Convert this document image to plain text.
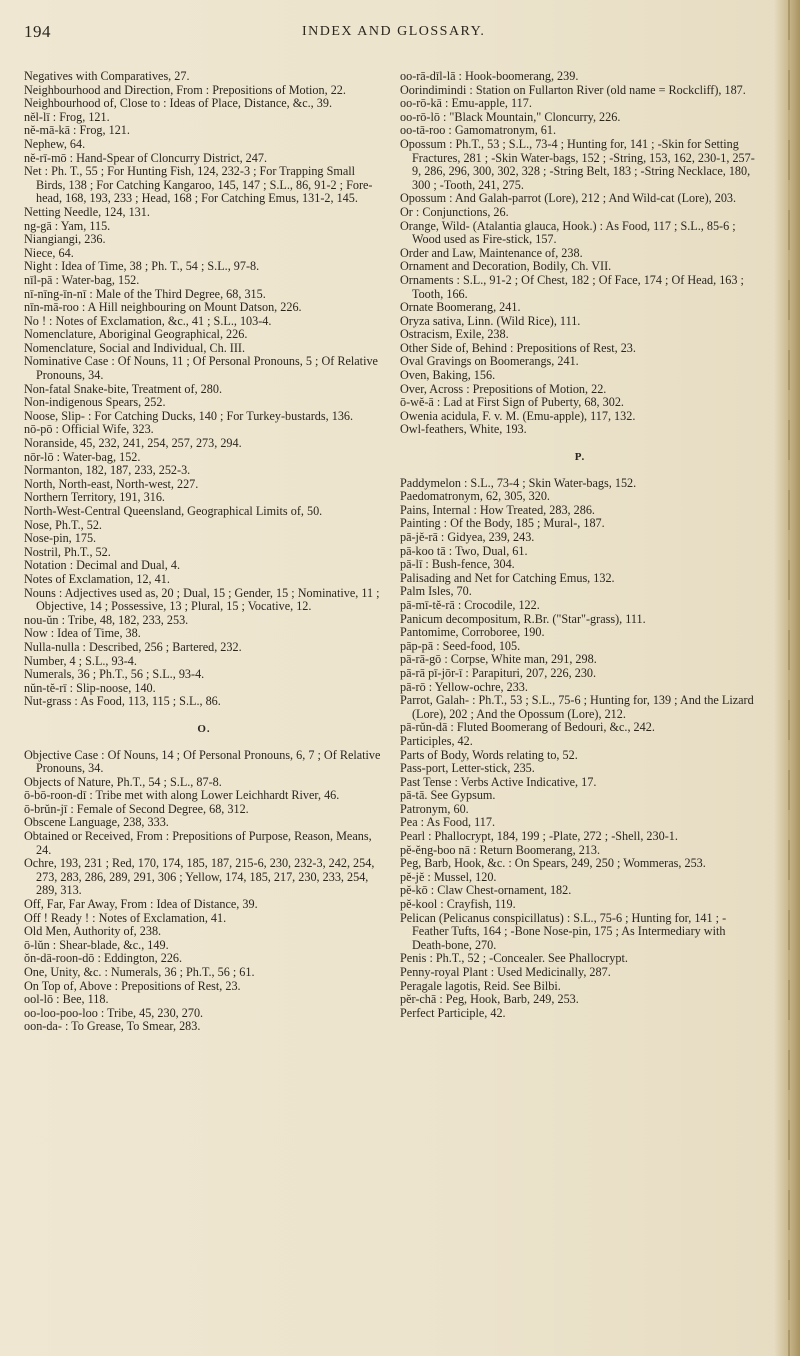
194	INDEX AND GLOSSARY.

Negatives with Comparatives, 27.

Neighbourhood and Direction, From : Prepositions of Motion, 22.

Neighbourhood of, Close to : Ideas of Place, Distance, &c., 39.

nĕl-lī : Frog, 121.

nĕ-mā-kā : Frog, 121.

Nephew, 64.

nĕ-rī-mō : Hand-Spear of Cloncurry District, 247.

Net : Ph. T., 55 ; For Hunting Fish, 124, 232-3 ; For Trapping Small Birds, 138 ; For Catching Kangaroo, 145, 147 ; S.L., 86, 91-2 ; Fore-head, 168, 193, 233 ; Head, 168 ; For Catching Emus, 131-2, 145.

Netting Needle, 124, 131.

ng-gā : Yam, 115.

Niangiangi, 236.

Niece, 64.

Night : Idea of Time, 38 ; Ph. T., 54 ; S.L., 97-8.

nīl-pā : Water-bag, 152.

nī-nīng-īn-nī : Male of the Third Degree, 68, 315.

nīn-mā-roo : A Hill neighbouring on Mount Datson, 226.

No ! : Notes of Exclamation, &c., 41 ; S.L., 103-4.

Nomenclature, Aboriginal Geographical, 226.

Nomenclature, Social and Individual, Ch. III.

Nominative Case : Of Nouns, 11 ; Of Personal Pronouns, 5 ; Of Relative Pronouns, 34.

Non-fatal Snake-bite, Treatment of, 280.

Non-indigenous Spears, 252.

Noose, Slip- : For Catching Ducks, 140 ; For Turkey-bustards, 136.

nō-pō : Official Wife, 323.

Noranside, 45, 232, 241, 254, 257, 273, 294.

nōr-lō : Water-bag, 152.

Normanton, 182, 187, 233, 252-3.

North, North-east, North-west, 227.

Northern Territory, 191, 316.

North-West-Central Queensland, Geographical Limits of, 50.

Nose, Ph.T., 52.

Nose-pin, 175.

Nostril, Ph.T., 52.

Notation : Decimal and Dual, 4.

Notes of Exclamation, 12, 41.

Nouns : Adjectives used as, 20 ; Dual, 15 ; Gender, 15 ; Nominative, 11 ; Objective, 14 ; Possessive, 13 ; Plural, 15 ; Vocative, 12.

nou-ŭn : Tribe, 48, 182, 233, 253.

Now : Idea of Time, 38.

Nulla-nulla : Described, 256 ; Bartered, 232.

Number, 4 ; S.L., 93-4.

Numerals, 36 ; Ph.T., 56 ; S.L., 93-4.

nŭn-tĕ-rī : Slip-noose, 140.

Nut-grass : As Food, 113, 115 ; S.L., 86.

O.

Objective Case : Of Nouns, 14 ; Of Personal Pronouns, 6, 7 ; Of Relative Pronouns, 34.

Objects of Nature, Ph.T., 54 ; S.L., 87-8.

ō-bō-roon-dī : Tribe met with along Lower Leichhardt River, 46.

ō-brŭn-jī : Female of Second Degree, 68, 312.

Obscene Language, 238, 333.

Obtained or Received, From : Prepositions of Purpose, Reason, Means, 24.

Ochre, 193, 231 ; Red, 170, 174, 185, 187, 215-6, 230, 232-3, 242, 254, 273, 283, 286, 289, 291, 306 ; Yellow, 174, 185, 217, 230, 233, 254, 289, 313.

Off, Far, Far Away, From : Idea of Distance, 39.

Off ! Ready ! : Notes of Exclamation, 41.

Old Men, Authority of, 238.

ō-lŭn : Shear-blade, &c., 149.

ŏn-dā-roon-dō : Eddington, 226.

One, Unity, &c. : Numerals, 36 ; Ph.T., 56 ; 61.

On Top of, Above : Prepositions of Rest, 23.

ool-lō : Bee, 118.

oo-loo-poo-loo : Tribe, 45, 230, 270.

oon-da- : To Grease, To Smear, 283.

oo-rā-dīl-lā : Hook-boomerang, 239.

Oorindimindi : Station on Fullarton River (old name = Rockcliff), 187.

oo-rō-kā : Emu-apple, 117.

oo-rō-lō : "Black Mountain," Cloncurry, 226.

oo-tā-roo : Gamomatronym, 61.

Opossum : Ph.T., 53 ; S.L., 73-4 ; Hunting for, 141 ; -Skin for Setting Fractures, 281 ; -Skin Water-bags, 152 ; -String, 153, 162, 230-1, 257-9, 286, 296, 300, 302, 328 ; -String Belt, 183 ; -String Necklace, 180, 300 ; -Tooth, 241, 275.

Opossum : And Galah-parrot (Lore), 212 ; And Wild-cat (Lore), 203.

Or : Conjunctions, 26.

Orange, Wild- (Atalantia glauca, Hook.) : As Food, 117 ; S.L., 85-6 ; Wood used as Fire-stick, 157.

Order and Law, Maintenance of, 238.

Ornament and Decoration, Bodily, Ch. VII.

Ornaments : S.L., 91-2 ; Of Chest, 182 ; Of Face, 174 ; Of Head, 163 ; Tooth, 166.

Ornate Boomerang, 241.

Oryza sativa, Linn. (Wild Rice), 111.

Ostracism, Exile, 238.

Other Side of, Behind : Prepositions of Rest, 23.

Oval Gravings on Boomerangs, 241.

Oven, Baking, 156.

Over, Across : Prepositions of Motion, 22.

ō-wĕ-ā : Lad at First Sign of Puberty, 68, 302.

Owenia acidula, F. v. M. (Emu-apple), 117, 132.

Owl-feathers, White, 193.

P.

Paddymelon : S.L., 73-4 ; Skin Water-bags, 152.

Paedomatronym, 62, 305, 320.

Pains, Internal : How Treated, 283, 286.

Painting : Of the Body, 185 ; Mural-, 187.

pā-jĕ-rā : Gidyea, 239, 243.

pā-koo tā : Two, Dual, 61.

pā-lī : Bush-fence, 304.

Palisading and Net for Catching Emus, 132.

Palm Isles, 70.

pā-mī-tĕ-rā : Crocodile, 122.

Panicum decompositum, R.Br. ("Star"-grass), 111.

Pantomime, Corroboree, 190.

pāp-pā : Seed-food, 105.

pā-rā-gō : Corpse, White man, 291, 298.

pā-rā pī-jōr-ī : Parapituri, 207, 226, 230.

pā-rō : Yellow-ochre, 233.

Parrot, Galah- : Ph.T., 53 ; S.L., 75-6 ; Hunting for, 139 ; And the Lizard (Lore), 202 ; And the Opossum (Lore), 212.

pā-rŭn-dā : Fluted Boomerang of Bedouri, &c., 242.

Participles, 42.

Parts of Body, Words relating to, 52.

Pass-port, Letter-stick, 235.

Past Tense : Verbs Active Indicative, 17.

pā-tā. See Gypsum.

Patronym, 60.

Pea : As Food, 117.

Pearl : Phallocrypt, 184, 199 ; -Plate, 272 ; -Shell, 230-1.

pĕ-ĕng-boo nā : Return Boomerang, 213.

Peg, Barb, Hook, &c. : On Spears, 249, 250 ; Wommeras, 253.

pĕ-jĕ : Mussel, 120.

pĕ-kō : Claw Chest-ornament, 182.

pĕ-kool : Crayfish, 119.

Pelican (Pelicanus conspicillatus) : S.L., 75-6 ; Hunting for, 141 ; -Feather Tufts, 164 ; -Bone Nose-pin, 175 ; As Intermediary with Death-bone, 270.

Penis : Ph.T., 52 ; -Concealer. See Phallocrypt.

Penny-royal Plant : Used Medicinally, 287.

Peragale lagotis, Reid. See Bilbi.

pĕr-chā : Peg, Hook, Barb, 249, 253.

Perfect Participle, 42.
